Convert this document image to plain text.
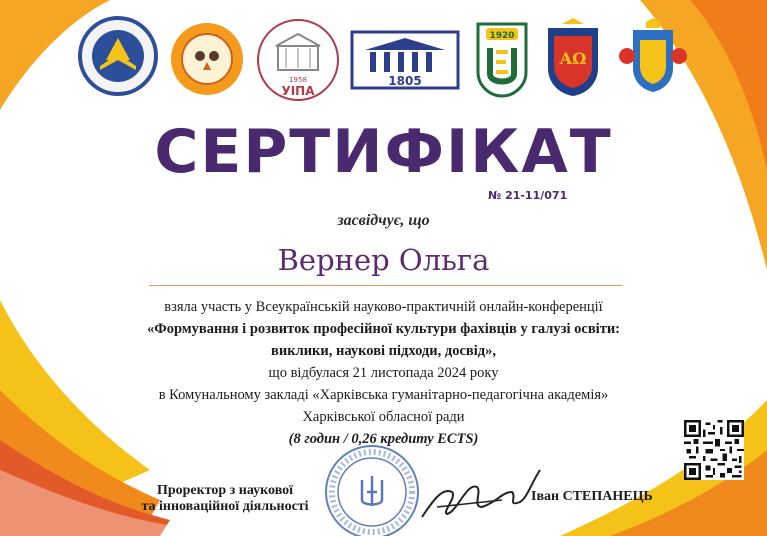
1958
УІПА
1805
1920
ΑΩ
СЕРТИФІКАТ
№ 21-11/071
засвідчує, що
Вернер Ольга

взяла участь у Всеукраїнській науково-практичній онлайн-конференції

«Формування і розвиток професійної культури фахівців у галузі освіти:

виклики, наукові підходи, досвід»,

що відбулася 21 листопада 2024 року

в Комунальному закладі «Харківська гуманітарно-педагогічна академія»

Харківської обласної ради

(8 годин / 0,26 кредиту ECTS)

Проректор з наукової
та інноваційної діяльності
Іван СТЕПАНЕЦЬ
